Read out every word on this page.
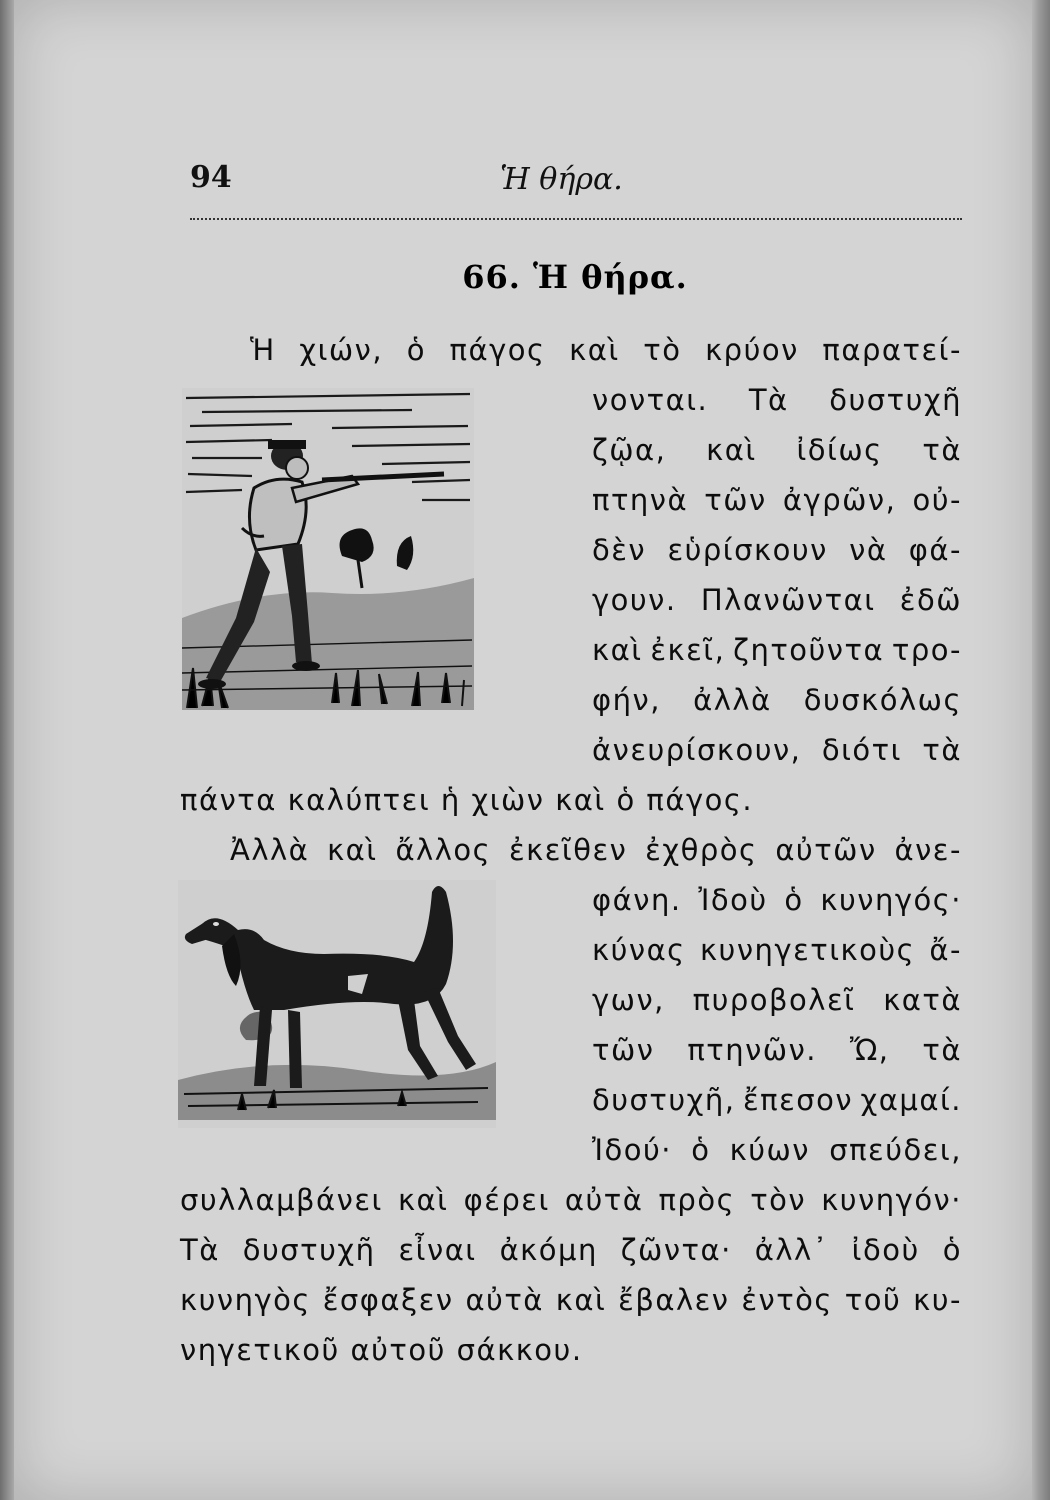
94	Ἡ θήρα.
66. Ἡ θήρα.
Ἡ χιών, ὁ πάγος καὶ τὸ κρύον παρατεί-
νονται. Τὰ δυστυχῆ
ζῷα, καὶ ἰδίως τὰ
πτηνὰ τῶν ἀγρῶν, οὐ-
δὲν εὑρίσκουν νὰ φά-
γουν. Πλανῶνται ἐδῶ
καὶ ἐκεῖ, ζητοῦντα τρο-
φήν, ἀλλὰ δυσκόλως
ἀνευρίσκουν, διότι τὰ
πάντα καλύπτει ἡ χιὼν καὶ ὁ πάγος.
Ἀλλὰ καὶ ἄλλος ἐκεῖθεν ἐχθρὸς αὐτῶν ἀνε-
φάνη. Ἰδοὺ ὁ κυνηγός·
κύνας κυνηγετικοὺς ἄ-
γων, πυροβολεῖ κατὰ
τῶν πτηνῶν. Ὤ, τὰ
δυστυχῆ, ἔπεσον χαμαί.
Ἰδού· ὁ κύων σπεύδει,
συλλαμβάνει καὶ φέρει αὐτὰ πρὸς τὸν κυνηγόν·
Τὰ δυστυχῆ εἶναι ἀκόμη ζῶντα· ἀλλ᾿ ἰδοὺ ὁ
κυνηγὸς ἔσφαξεν αὐτὰ καὶ ἔβαλεν ἐντὸς τοῦ κυ-
νηγετικοῦ αὐτοῦ σάκκου.
